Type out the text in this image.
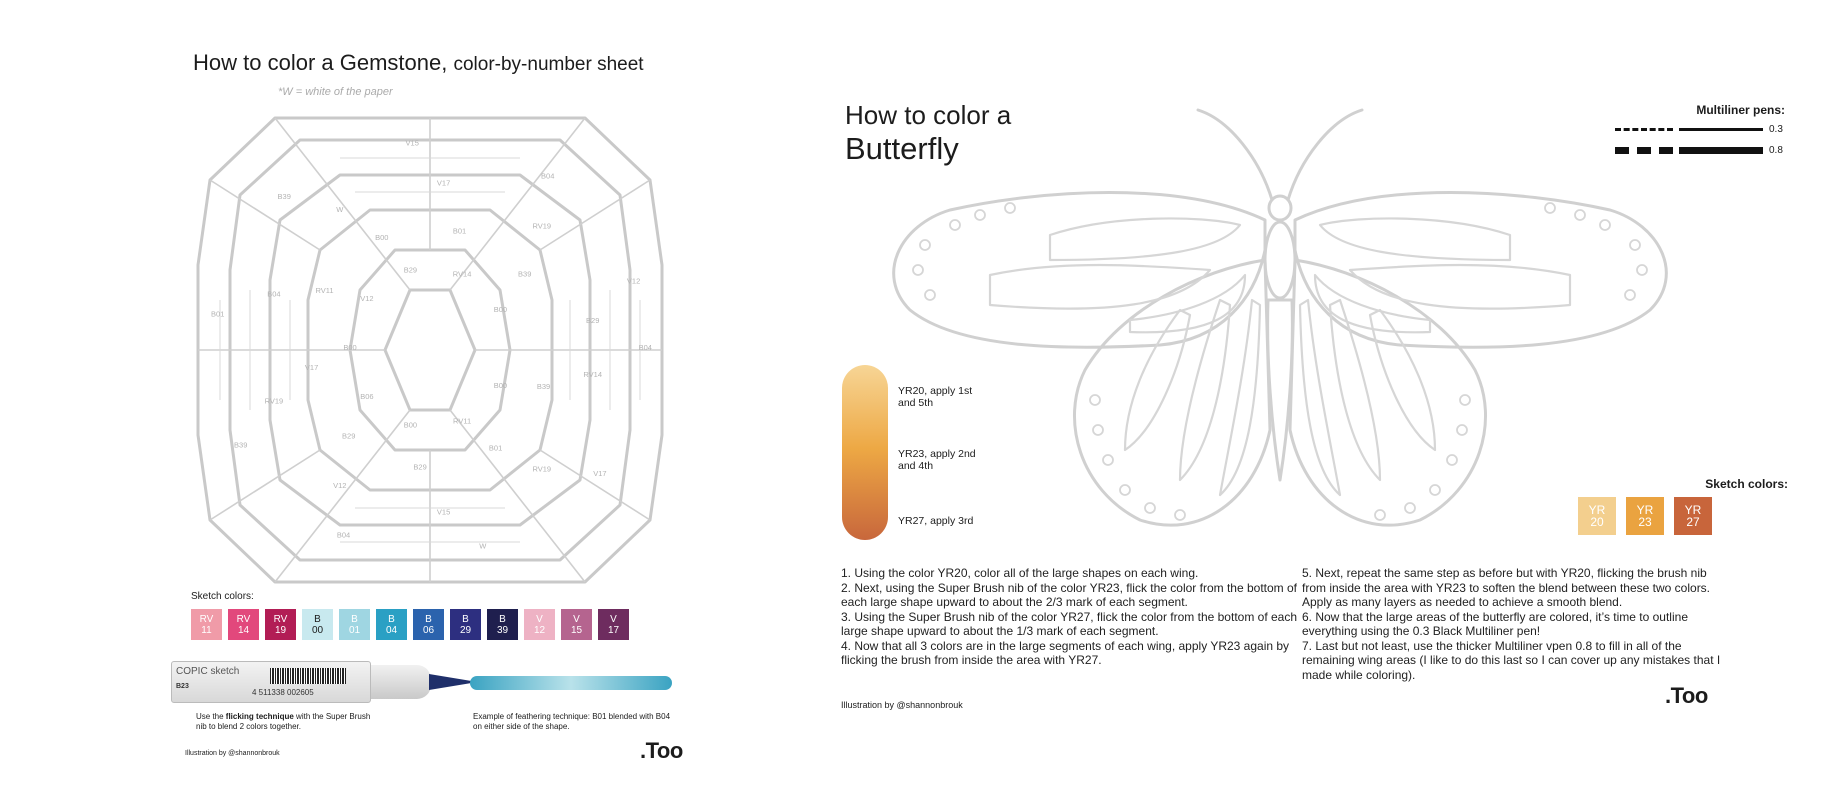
How to color a Gemstone, color-by-number sheet
*W = white of the paper
B04
RV14
B39
B00
V17
RV19
B01
RV11
W
V15
B29
B00
B04
V12
B29
B06
B39
RV19
V17
B00
B01
B04	RV11
V12
B39
W
B00
B29
V15
V17
B01
RV14
B04
RV19
B39
B00
V12
B29
Sketch colors:
RV
11
RV
14
RV
19
B
00
B
01
B
04
B
06
B
29
B
39
V
12
V
15
V
17
COPIC sketch
B23
4 511338 002605
Use the flicking technique with the Super Brush nib to blend 2 colors together.
Example of feathering technique: B01 blended with B04 on either side of the shape.
Illustration by @shannonbrouk	.Too
How to color a
Butterfly
Multiliner pens:
0.3
0.8
YR20, apply 1st and 5th
YR23, apply 2nd and 4th
YR27, apply 3rd
Sketch colors:
YR
20
YR
23
YR
27

1. Using the color YR20, color all of the large shapes on each wing.

2. Next, using the Super Brush nib of the color YR23, flick the color from the bottom of each large shape upward to about the 2/3 mark of each segment.

3. Using the Super Brush nib of the color YR27, flick the color from the bottom of each large shape upward to about the 1/3 mark of each segment.

4. Now that all 3 colors are in the large segments of each wing, apply YR23 again by flicking the brush from inside the area with YR27.

5. Next, repeat the same step as before but with YR20, flicking the brush nib from inside the area with YR23 to soften the blend between these two colors. Apply as many layers as needed to achieve a smooth blend.

6. Now that the large areas of the butterfly are colored, it’s time to outline everything using the 0.3 Black Multiliner pen!

7. Last but not least, use the thicker Multiliner vpen 0.8 to fill in all of the remaining wing areas (I like to do this last so I can cover up any mistakes that I made while coloring).

Illustration by @shannonbrouk	.Too
